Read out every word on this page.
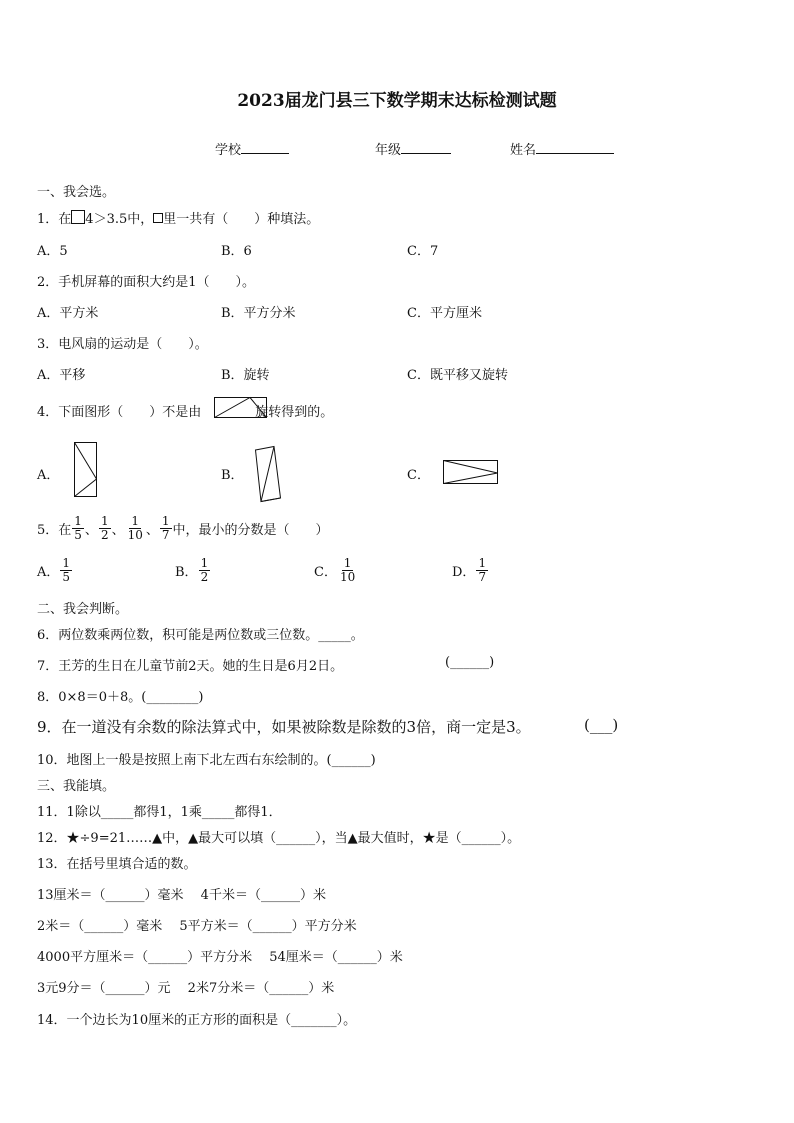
2023届龙门县三下数学期末达标检测试题
学校	年级	姓名
一、我会选。
1．在 4＞3.5中， 里一共有（　　）种填法。
A．5	B．6	C．7
2．手机屏幕的面积大约是1（　　）。
A．平方米	B．平方分米	C．平方厘米
3．电风扇的运动是（　　）。
A．平移	B．旋转	C．既平移又旋转
4．下面图形（　　）不是由	旋转得到的。
A．	B．	C．
5．在 $\frac{1}{5}$ 、 $\frac{1}{2}$ 、 $\frac{1}{10}$ 、 $\frac{1}{7}$ 中，最小的分数是（　　）
A． $\frac{1}{5}$	B． $\frac{1}{2}$	C． $\frac{1}{10}$	D． $\frac{1}{7}$
二、我会判断。
6．两位数乘两位数，积可能是两位数或三位数。_____。
7．王芳的生日在儿童节前2天。她的生日是6月2日。	(______)
8．0×8＝0＋8。(________)
9．在一道没有余数的除法算式中，如果被除数是除数的3倍，商一定是3。	(___)
10．地图上一般是按照上南下北左西右东绘制的。(______)
三、我能填。
11．1除以_____都得1，1乘_____都得1．
12．★÷9=21……▲中，▲最大可以填（______），当▲最大值时，★是（______）。
13．在括号里填合适的数。
13厘米＝（______）毫米　 4千米＝（______）米
2米＝（______）毫米　 5平方米＝（______）平方分米
4000平方厘米＝（______）平方分米　 54厘米＝（______）米
3元9分＝（______）元　 2米7分米＝（______）米
14．一个边长为10厘米的正方形的面积是（_______）。
